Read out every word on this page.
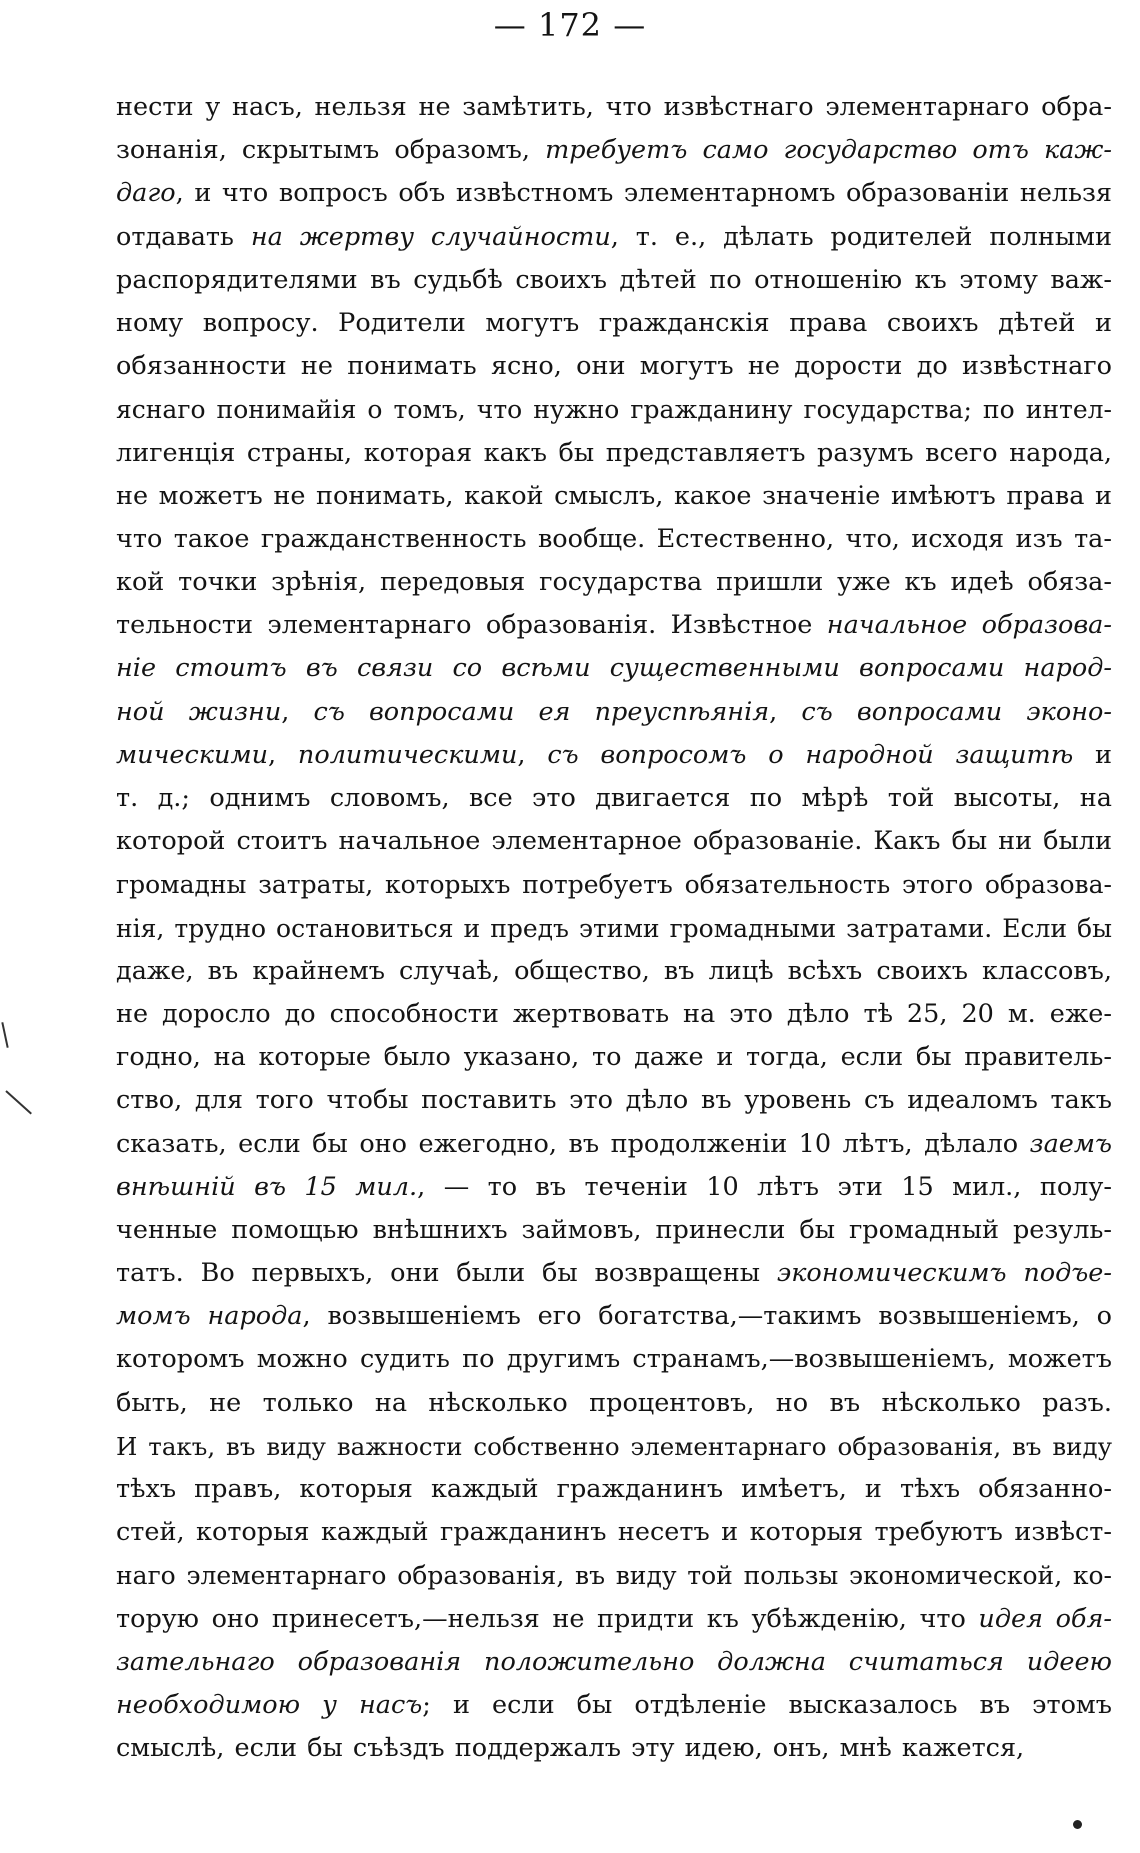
— 172 —
нести у насъ, нельзя не замѣтить, что извѣстнаго элементарнаго обра-
зонанія, скрытымъ образомъ, требуетъ само государство отъ каж-
даго, и что вопросъ объ извѣстномъ элементарномъ образованіи нельзя
отдавать на жертву случайности, т. е., дѣлать родителей полными
распорядителями въ судьбѣ своихъ дѣтей по отношенію къ этому важ-
ному вопросу. Родители могутъ гражданскія права своихъ дѣтей и
обязанности не понимать ясно, они могутъ не дорости до извѣстнаго
яснаго понимайія о томъ, что нужно гражданину государства; по интел-
лигенція страны, которая какъ бы представляетъ разумъ всего народа,
не можетъ не понимать, какой смыслъ, какое значеніе имѣютъ права и
что такое гражданственность вообще. Естественно, что, исходя изъ та-
кой точки зрѣнія, передовыя государства пришли уже къ идеѣ обяза-
тельности элементарнаго образованія. Извѣстное начальное образова-
ніе стоитъ въ связи со всѣми существенными вопросами народ-
ной жизни, съ вопросами ея преуспѣянія, съ вопросами эконо-
мическими, политическими, съ вопросомъ о народной защитѣ и
т. д.; однимъ словомъ, все это двигается по мѣрѣ той высоты, на
которой стоитъ начальное элементарное образованіе. Какъ бы ни были
громадны затраты, которыхъ потребуетъ обязательность этого образова-
нія, трудно остановиться и предъ этими громадными затратами. Если бы
даже, въ крайнемъ случаѣ, общество, въ лицѣ всѣхъ своихъ классовъ,
не доросло до способности жертвовать на это дѣло тѣ 25, 20 м. еже-
годно, на которые было указано, то даже и тогда, если бы правитель-
ство, для того чтобы поставить это дѣло въ уровень съ идеаломъ такъ
сказать, если бы оно ежегодно, въ продолженіи 10 лѣтъ, дѣлало заемъ
внѣшній въ 15 мил., — то въ теченіи 10 лѣтъ эти 15 мил., полу-
ченные помощью внѣшнихъ займовъ, принесли бы громадный резуль-
татъ. Во первыхъ, они были бы возвращены экономическимъ подъе-
момъ народа, возвышеніемъ его богатства,—такимъ возвышеніемъ, о
которомъ можно судить по другимъ странамъ,—возвышеніемъ, можетъ
быть, не только на нѣсколько процентовъ, но въ нѣсколько разъ.
И такъ, въ виду важности собственно элементарнаго образованія, въ виду
тѣхъ правъ, которыя каждый гражданинъ имѣетъ, и тѣхъ обязанно-
стей, которыя каждый гражданинъ несетъ и которыя требуютъ извѣст-
наго элементарнаго образованія, въ виду той пользы экономической, ко-
торую оно принесетъ,—нельзя не придти къ убѣжденію, что идея обя-
зательнаго образованія положительно должна считаться идеею
необходимою у насъ; и если бы отдѣленіе высказалось въ этомъ
смыслѣ, если бы съѣздъ поддержалъ эту идею, онъ, мнѣ кажется,
